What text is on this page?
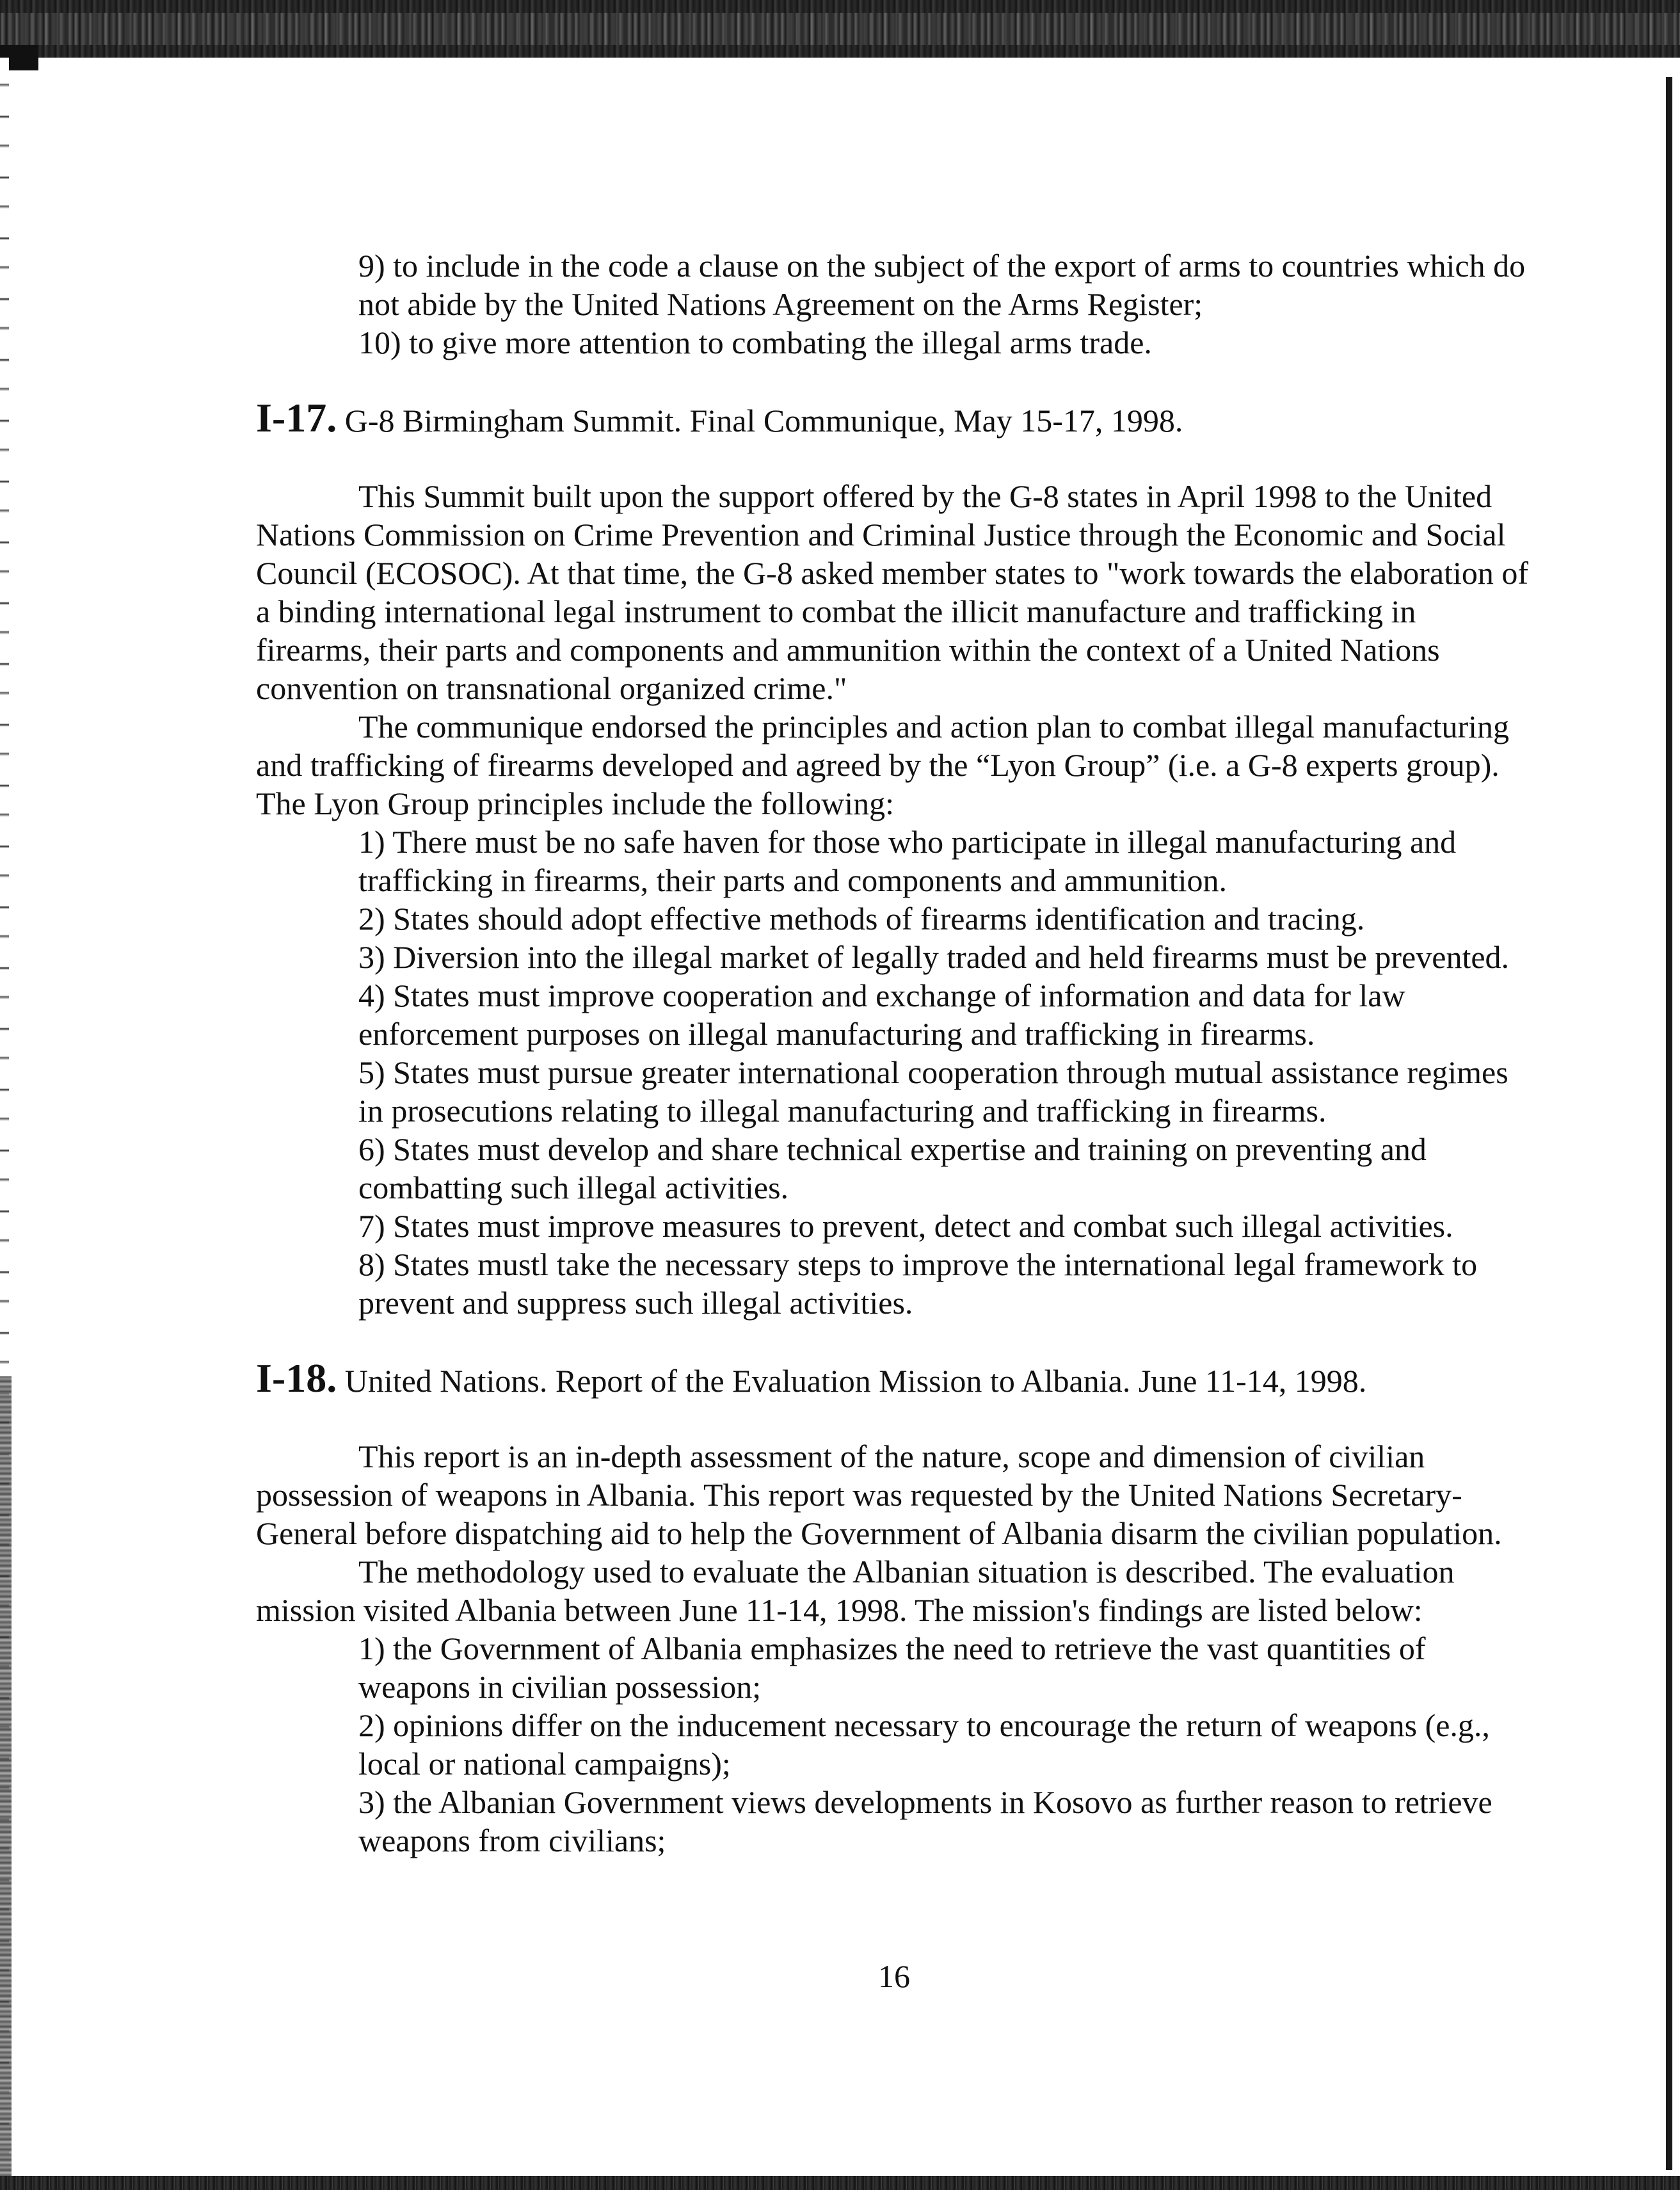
9) to include in the code a clause on the subject of the export of arms to countries which do not abide by the United Nations Agreement on the Arms Register;

10) to give more attention to combating the illegal arms trade.

I-17. G-8 Birmingham Summit. Final Communique, May 15-17, 1998.

This Summit built upon the support offered by the G-8 states in April 1998 to the United Nations Commission on Crime Prevention and Criminal Justice through the Economic and Social Council (ECOSOC). At that time, the G-8 asked member states to "work towards the elaboration of a binding international legal instrument to combat the illicit manufacture and trafficking in firearms, their parts and components and ammunition within the context of a United Nations convention on transnational organized crime."

The communique endorsed the principles and action plan to combat illegal manufacturing and trafficking of firearms developed and agreed by the “Lyon Group” (i.e. a G-8 experts group). The Lyon Group principles include the following:

1) There must be no safe haven for those who participate in illegal manufacturing and trafficking in firearms, their parts and components and ammunition.

2) States should adopt effective methods of firearms identification and tracing.

3) Diversion into the illegal market of legally traded and held firearms must be prevented.

4) States must improve cooperation and exchange of information and data for law enforcement purposes on illegal manufacturing and trafficking in firearms.

5) States must pursue greater international cooperation through mutual assistance regimes in prosecutions relating to illegal manufacturing and trafficking in firearms.

6) States must develop and share technical expertise and training on preventing and combatting such illegal activities.

7) States must improve measures to prevent, detect and combat such illegal activities.

8) States mustl take the necessary steps to improve the international legal framework to prevent and suppress such illegal activities.

I-18. United Nations. Report of the Evaluation Mission to Albania. June 11-14, 1998.

This report is an in-depth assessment of the nature, scope and dimension of civilian possession of weapons in Albania. This report was requested by the United Nations Secretary-General before dispatching aid to help the Government of Albania disarm the civilian population.

The methodology used to evaluate the Albanian situation is described. The evaluation mission visited Albania between June 11-14, 1998. The mission's findings are listed below:

1) the Government of Albania emphasizes the need to retrieve the vast quantities of weapons in civilian possession;

2) opinions differ on the inducement necessary to encourage the return of weapons (e.g., local or national campaigns);

3) the Albanian Government views developments in Kosovo as further reason to retrieve weapons from civilians;

16
